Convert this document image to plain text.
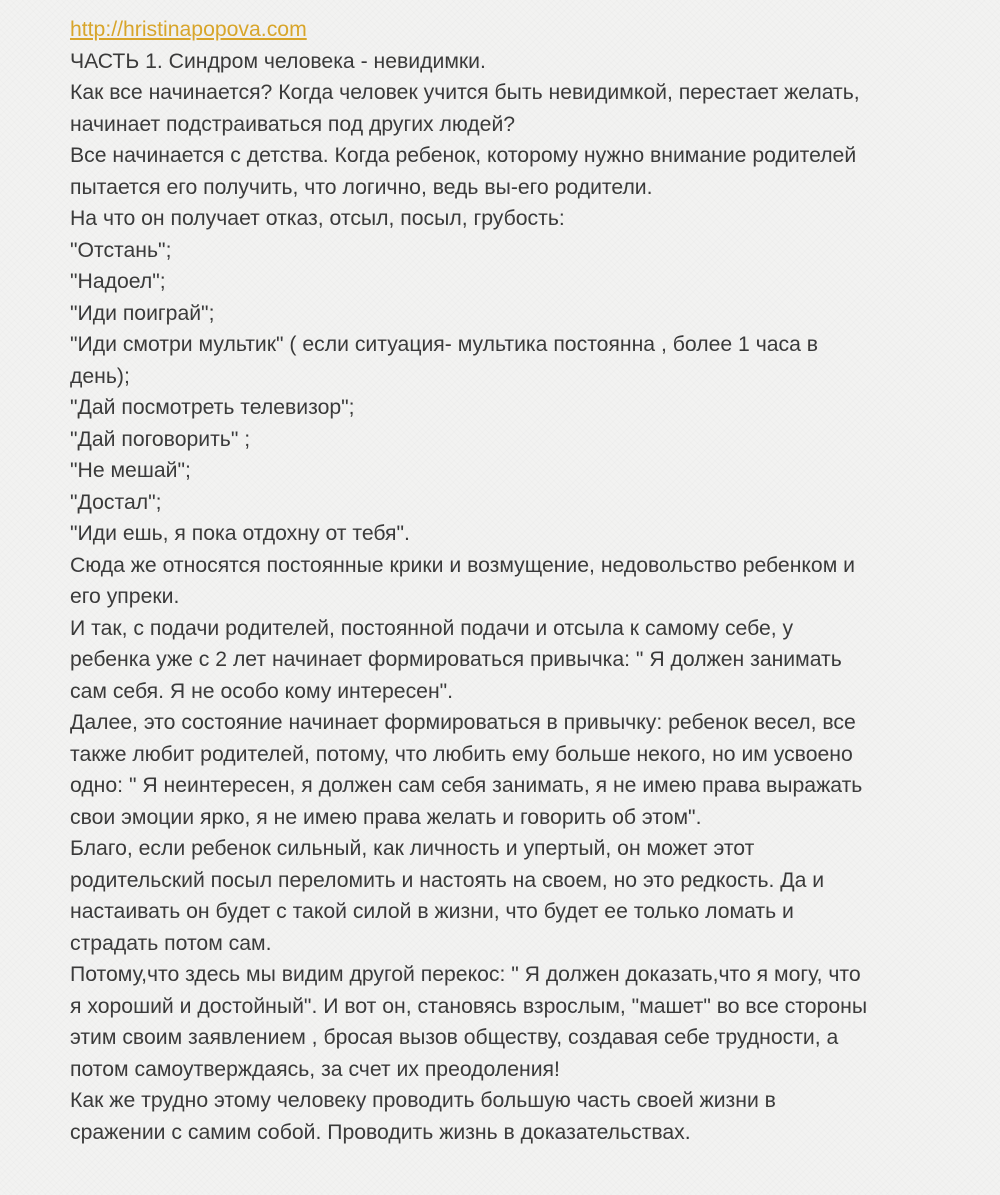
http://hristinapopova.com
ЧАСТЬ 1. Синдром человека - невидимки.
Как все начинается? Когда человек учится быть невидимкой, перестает желать,
начинает подстраиваться под других людей?
Все начинается с детства. Когда ребенок, которому нужно внимание родителей
пытается его получить, что логично, ведь вы-его родители.
На что он получает отказ, отсыл, посыл, грубость:
"Отстань";
"Надоел";
"Иди поиграй";
"Иди смотри мультик" ( если ситуация- мультика постоянна , более 1 часа в
день);
"Дай посмотреть телевизор";
"Дай поговорить" ;
"Не мешай";
"Достал";
"Иди ешь, я пока отдохну от тебя".
Сюда же относятся постоянные крики и возмущение, недовольство ребенком и
его упреки.
И так, с подачи родителей, постоянной подачи и отсыла к самому себе, у
ребенка уже с 2 лет начинает формироваться привычка: " Я должен занимать
сам себя. Я не особо кому интересен".
Далее, это состояние начинает формироваться в привычку: ребенок весел, все
также любит родителей, потому, что любить ему больше некого, но им усвоено
одно: " Я неинтересен, я должен сам себя занимать, я не имею права выражать
свои эмоции ярко, я не имею права желать и говорить об этом".
Благо, если ребенок сильный, как личность и упертый, он может этот
родительский посыл переломить и настоять на своем, но это редкость. Да и
настаивать он будет с такой силой в жизни, что будет ее только ломать и
страдать потом сам.
Потому,что здесь мы видим другой перекос: " Я должен доказать,что я могу, что
я хороший и достойный". И вот он, становясь взрослым, "машет" во все стороны
этим своим заявлением , бросая вызов обществу, создавая себе трудности, а
потом самоутверждаясь, за счет их преодоления!
Как же трудно этому человеку проводить большую часть своей жизни в
сражении с самим собой. Проводить жизнь в доказательствах.
